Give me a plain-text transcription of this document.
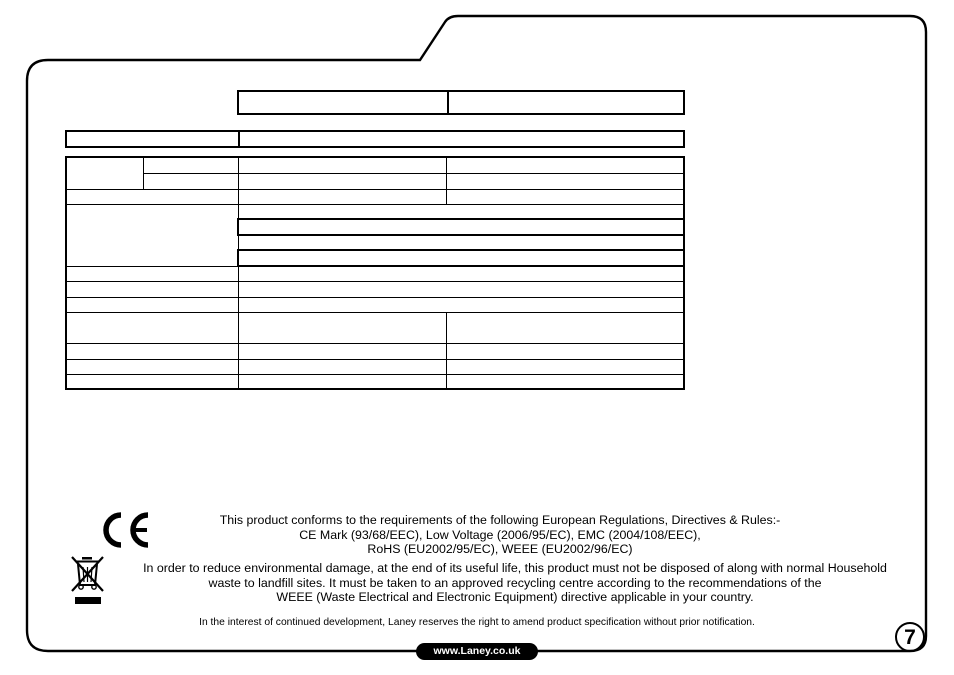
This product conforms to the requirements of the following European Regulations, Directives & Rules:-
CE Mark (93/68/EEC), Low Voltage (2006/95/EC), EMC (2004/108/EEC),
RoHS (EU2002/95/EC), WEEE (EU2002/96/EC)
In order to reduce environmental damage, at the end of its useful life, this product must not be disposed of along with normal Household
waste to landfill sites. It must be taken to an approved recycling centre according to the recommendations of the
WEEE (Waste Electrical and Electronic Equipment) directive applicable in your country.
In the interest of continued development, Laney reserves the right to amend product specification without prior notification.
www.Laney.co.uk
7
